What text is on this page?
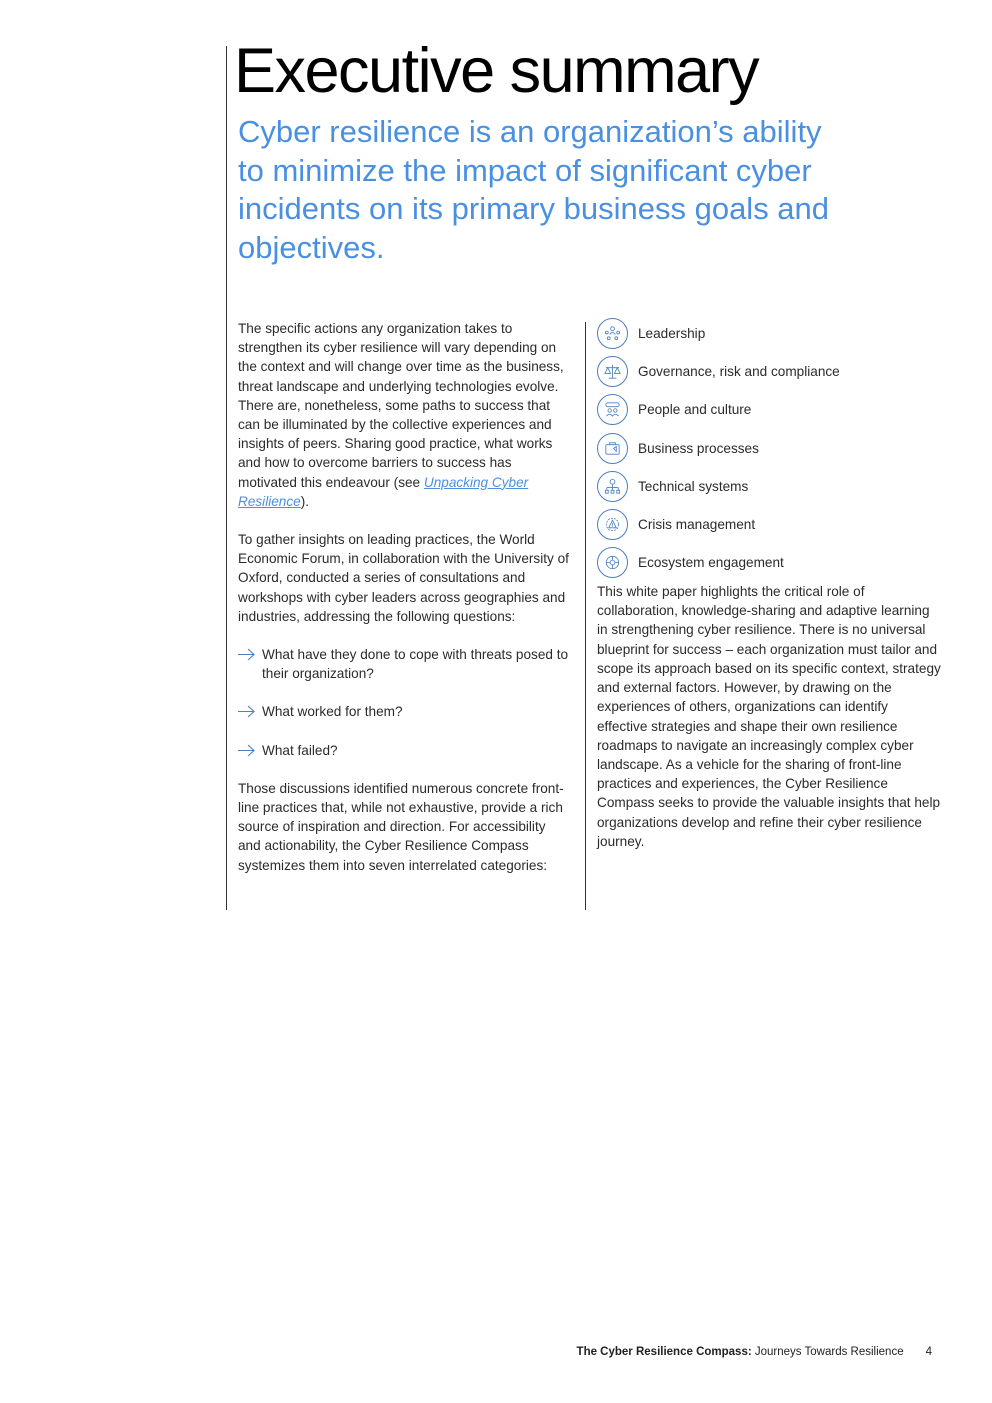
Executive summary
Cyber resilience is an organization’s ability to minimize the impact of significant cyber incidents on its primary business goals and objectives.

The specific actions any organization takes to strengthen its cyber resilience will vary depending on the context and will change over time as the business, threat landscape and underlying technologies evolve. There are, nonetheless, some paths to success that can be illuminated by the collective experiences and insights of peers. Sharing good practice, what works and how to overcome barriers to success has motivated this endeavour (see Unpacking Cyber Resilience).

To gather insights on leading practices, the World Economic Forum, in collaboration with the University of Oxford, conducted a series of consultations and workshops with cyber leaders across geographies and industries, addressing the following questions:

What have they done to cope with threats posed to their organization?
What worked for them?
What failed?

Those discussions identified numerous concrete front-line practices that, while not exhaustive, provide a rich source of inspiration and direction. For accessibility and actionability, the Cyber Resilience Compass systemizes them into seven interrelated categories:

Leadership
Governance, risk and compliance
People and culture
Business processes
Technical systems
Crisis management
Ecosystem engagement

This white paper highlights the critical role of collaboration, knowledge-sharing and adaptive learning in strengthening cyber resilience. There is no universal blueprint for success – each organization must tailor and scope its approach based on its specific context, strategy and external factors. However, by drawing on the experiences of others, organizations can identify effective strategies and shape their own resilience roadmaps to navigate an increasingly complex cyber landscape. As a vehicle for the sharing of front-line practices and experiences, the Cyber Resilience Compass seeks to provide the valuable insights that help organizations develop and refine their cyber resilience journey.

The Cyber Resilience Compass: Journeys Towards Resilience 4
